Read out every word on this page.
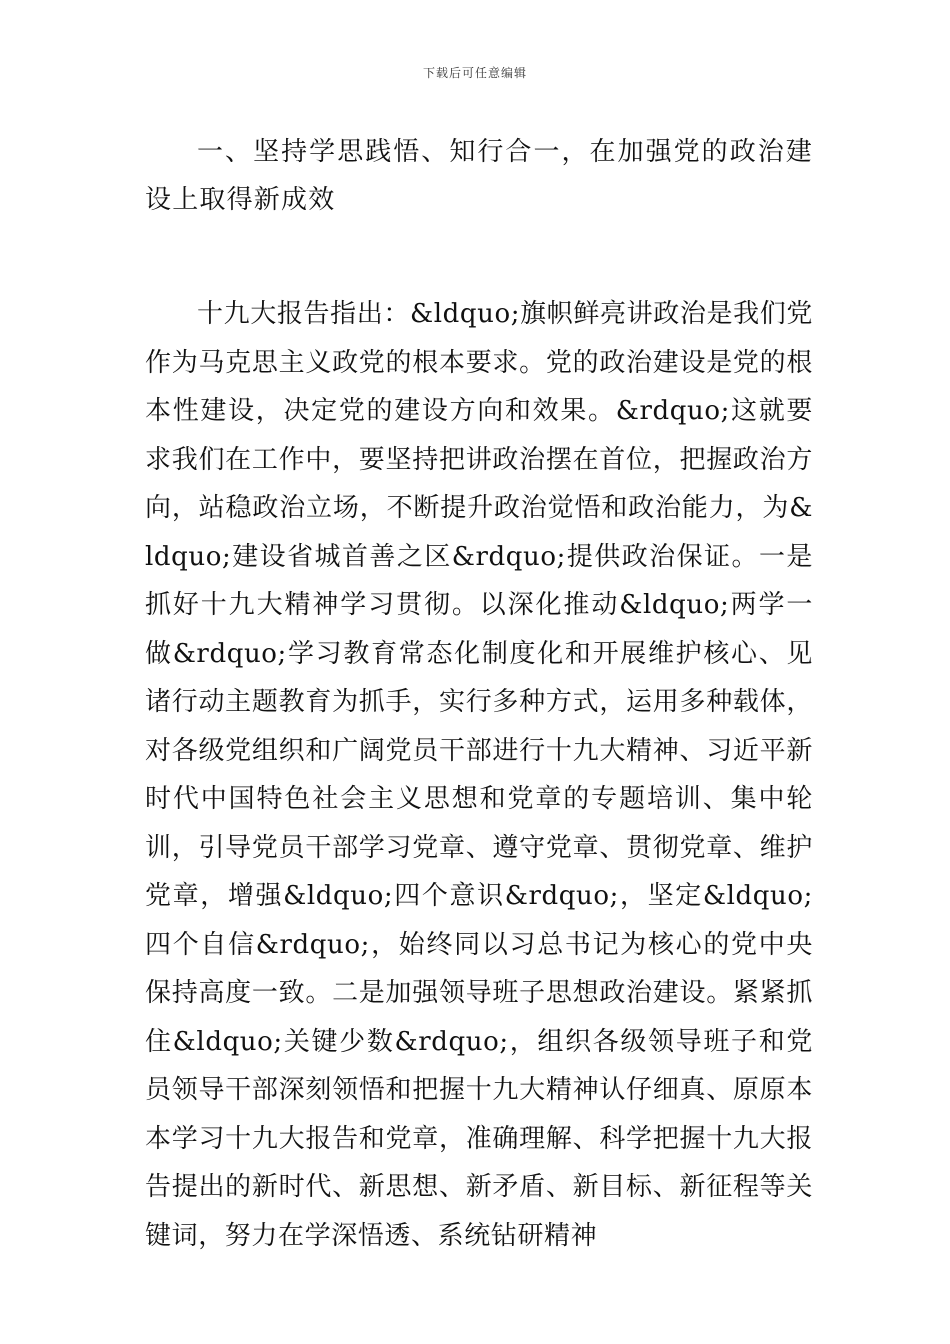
下载后可任意编辑

一、坚持学思践悟、知行合一，在加强党的政治建设上取得新成效

十九大报告指出：&ldquo;旗帜鲜亮讲政治是我们党作为马克思主义政党的根本要求。党的政治建设是党的根本性建设，决定党的建设方向和效果。&rdquo;这就要求我们在工作中，要坚持把讲政治摆在首位，把握政治方向，站稳政治立场，不断提升政治觉悟和政治能力，为&ldquo;建设省城首善之区&rdquo;提供政治保证。一是抓好十九大精神学习贯彻。以深化推动&ldquo;两学一做&rdquo;学习教育常态化制度化和开展维护核心、见诸行动主题教育为抓手，实行多种方式，运用多种载体，对各级党组织和广阔党员干部进行十九大精神、习近平新时代中国特色社会主义思想和党章的专题培训、集中轮训，引导党员干部学习党章、遵守党章、贯彻党章、维护党章，增强&ldquo;四个意识&rdquo;，坚定&ldquo;四个自信&rdquo;，始终同以习总书记为核心的党中央保持高度一致。二是加强领导班子思想政治建设。紧紧抓住&ldquo;关键少数&rdquo;，组织各级领导班子和党员领导干部深刻领悟和把握十九大精神认仔细真、原原本本学习十九大报告和党章，准确理解、科学把握十九大报告提出的新时代、新思想、新矛盾、新目标、新征程等关键词，努力在学深悟透、系统钻研精神
